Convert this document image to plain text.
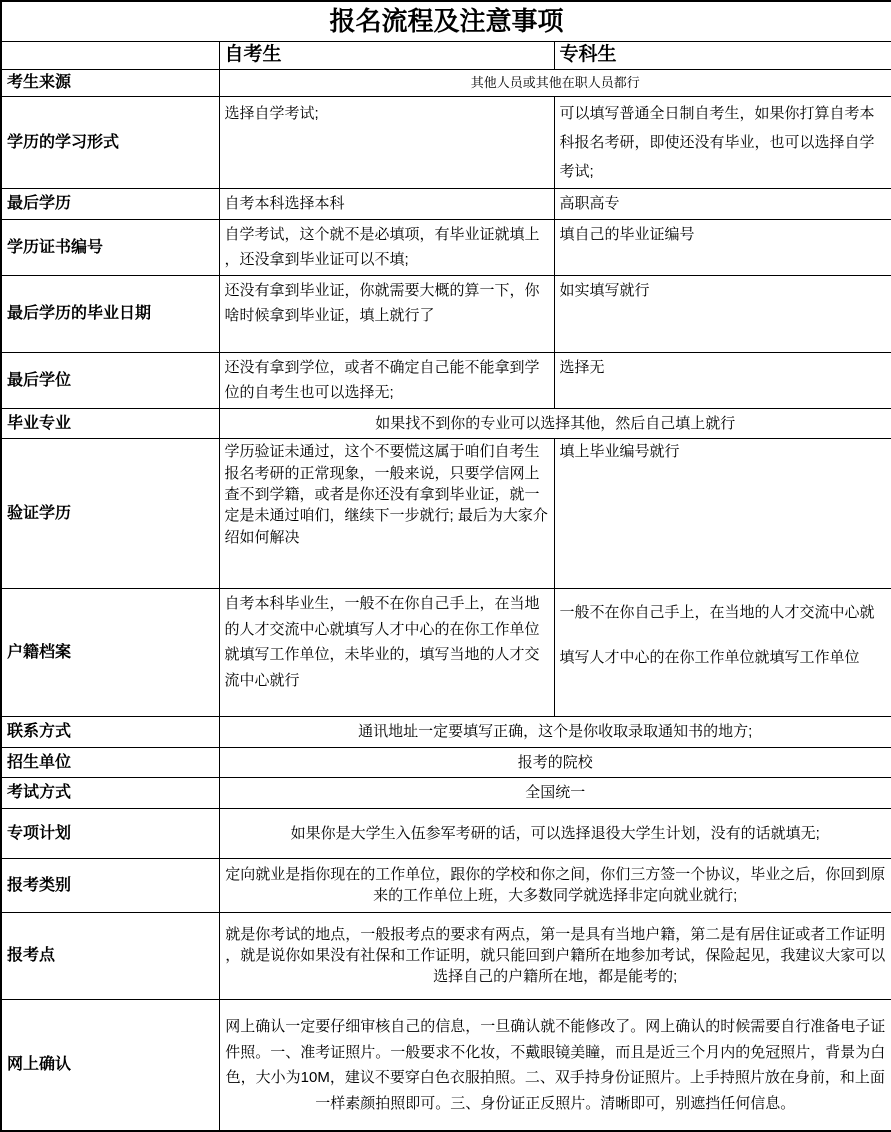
报名流程及注意事项		
	自考生	专科生
考生来源	其他人员或其他在职人员都行	
学历的学习形式	选择自学考试;	可以填写普通全日制自考生，如果你打算自考本科报名考研，即使还没有毕业，也可以选择自学考试;
最后学历	自考本科选择本科	高职高专
学历证书编号	自学考试，这个就不是必填项，有毕业证就填上，还没拿到毕业证可以不填;	填自己的毕业证编号
最后学历的毕业日期	还没有拿到毕业证，你就需要大概的算一下，你啥时候拿到毕业证，填上就行了	如实填写就行
最后学位	还没有拿到学位，或者不确定自己能不能拿到学位的自考生也可以选择无;	选择无
毕业专业	如果找不到你的专业可以选择其他，然后自己填上就行	
验证学历	学历验证未通过，这个不要慌这属于咱们自考生报名考研的正常现象，一般来说，只要学信网上查不到学籍，或者是你还没有拿到毕业证，就一定是未通过咱们，继续下一步就行; 最后为大家介绍如何解决	填上毕业编号就行
户籍档案	自考本科毕业生，一般不在你自己手上，在当地的人才交流中心就填写人才中心的在你工作单位就填写工作单位，未毕业的，填写当地的人才交流中心就行	一般不在你自己手上，在当地的人才交流中心就填写人才中心的在你工作单位就填写工作单位
联系方式	通讯地址一定要填写正确，这个是你收取录取通知书的地方;	
招生单位	报考的院校	
考试方式	全国统一	
专项计划	如果你是大学生入伍参军考研的话，可以选择退役大学生计划，没有的话就填无;	
报考类别	定向就业是指你现在的工作单位，跟你的学校和你之间，你们三方签一个协议，毕业之后，你回到原来的工作单位上班，大多数同学就选择非定向就业就行;	
报考点	就是你考试的地点，一般报考点的要求有两点，第一是具有当地户籍，第二是有居住证或者工作证明，就是说你如果没有社保和工作证明，就只能回到户籍所在地参加考试，保险起见，我建议大家可以选择自己的户籍所在地，都是能考的;	
网上确认	网上确认一定要仔细审核自己的信息，一旦确认就不能修改了。网上确认的时候需要自行准备电子证件照。一、准考证照片。一般要求不化妆，不戴眼镜美瞳，而且是近三个月内的免冠照片，背景为白色，大小为10M，建议不要穿白色衣服拍照。二、双手持身份证照片。上手持照片放在身前，和上面一样素颜拍照即可。三、身份证正反照片。清晰即可，别遮挡任何信息。	
